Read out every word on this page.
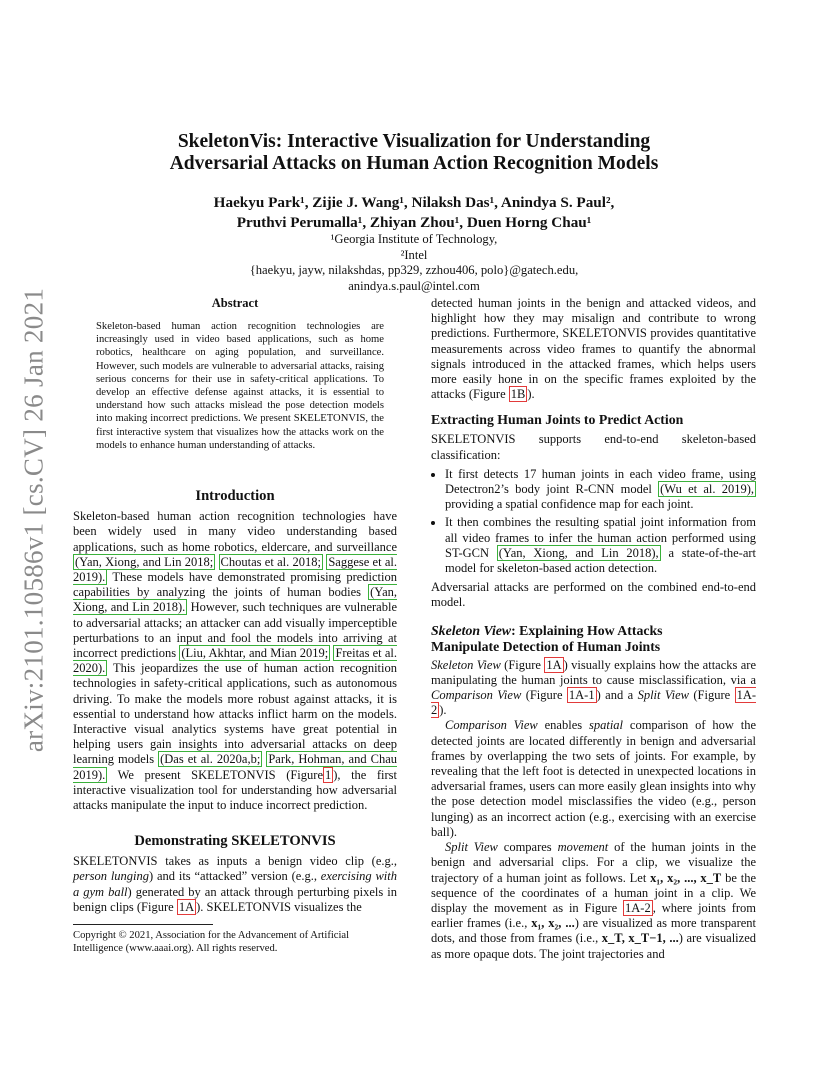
arXiv:2101.10586v1 [cs.CV] 26 Jan 2021
SkeletonVis: Interactive Visualization for Understanding
Adversarial Attacks on Human Action Recognition Models
Haekyu Park¹, Zijie J. Wang¹, Nilaksh Das¹, Anindya S. Paul²,
Pruthvi Perumalla¹, Zhiyan Zhou¹, Duen Horng Chau¹
¹Georgia Institute of Technology,
²Intel
{haekyu, jayw, nilakshdas, pp329, zzhou406, polo}@gatech.edu,
anindya.s.paul@intel.com
Abstract
Skeleton-based human action recognition technologies are increasingly used in video based applications, such as home robotics, healthcare on aging population, and surveillance. However, such models are vulnerable to adversarial attacks, raising serious concerns for their use in safety-critical applications. To develop an effective defense against attacks, it is essential to understand how such attacks mislead the pose detection models into making incorrect predictions. We present SKELETONVIS, the first interactive system that visualizes how the attacks work on the models to enhance human understanding of attacks.
Introduction

Skeleton-based human action recognition technologies have been widely used in many video understanding based applications, such as home robotics, eldercare, and surveillance (Yan, Xiong, and Lin 2018; Choutas et al. 2018; Saggese et al. 2019). These models have demonstrated promising prediction capabilities by analyzing the joints of human bodies (Yan, Xiong, and Lin 2018). However, such techniques are vulnerable to adversarial attacks; an attacker can add visually imperceptible perturbations to an input and fool the models into arriving at incorrect predictions (Liu, Akhtar, and Mian 2019; Freitas et al. 2020). This jeopardizes the use of human action recognition technologies in safety-critical applications, such as autonomous driving. To make the models more robust against attacks, it is essential to understand how attacks inflict harm on the models. Interactive visual analytics systems have great potential in helping users gain insights into adversarial attacks on deep learning models (Das et al. 2020a,b; Park, Hohman, and Chau 2019). We present SKELETONVIS (Figure 1 ), the first interactive visualization tool for understanding how adversarial attacks manipulate the input to induce incorrect prediction.

Demonstrating SKELETONVIS

SKELETONVIS takes as inputs a benign video clip (e.g., person lunging) and its “attacked” version (e.g., exercising with a gym ball) generated by an attack through perturbing pixels in benign clips (Figure 1A ). SKELETONVIS visualizes the

Copyright © 2021, Association for the Advancement of Artificial Intelligence (www.aaai.org). All rights reserved.

detected human joints in the benign and attacked videos, and highlight how they may misalign and contribute to wrong predictions. Furthermore, SKELETONVIS provides quantitative measurements across video frames to quantify the abnormal signals introduced in the attacked frames, which helps users more easily hone in on the specific frames exploited by the attacks (Figure 1B ).

Extracting Human Joints to Predict Action

SKELETONVIS supports end-to-end skeleton-based classification:

• It first detects 17 human joints in each video frame, using Detectron2’s body joint R-CNN model (Wu et al. 2019), providing a spatial confidence map for each joint.
• It then combines the resulting spatial joint information from all video frames to infer the human action performed using ST-GCN (Yan, Xiong, and Lin 2018), a state-of-the-art model for skeleton-based action detection.

Adversarial attacks are performed on the combined end-to-end model.

Skeleton View: Explaining How Attacks
Manipulate Detection of Human Joints

Skeleton View (Figure 1A ) visually explains how the attacks are manipulating the human joints to cause misclassification, via a Comparison View (Figure 1A-1 ) and a Split View (Figure 1A-2 ).

Comparison View enables spatial comparison of how the detected joints are located differently in benign and adversarial frames by overlapping the two sets of joints. For example, by revealing that the left foot is detected in unexpected locations in adversarial frames, users can more easily glean insights into why the pose detection model misclassifies the video (e.g., person lunging) as an incorrect action (e.g., exercising with an exercise ball).

Split View compares movement of the human joints in the benign and adversarial clips. For a clip, we visualize the trajectory of a human joint as follows. Let x₁, x₂, ..., x_T be the sequence of the coordinates of a human joint in a clip. We display the movement as in Figure 1A-2 , where joints from earlier frames (i.e., x₁, x₂, ...) are visualized as more transparent dots, and those from frames (i.e., x_T, x_T−1, ...) are visualized as more opaque dots. The joint trajectories and
